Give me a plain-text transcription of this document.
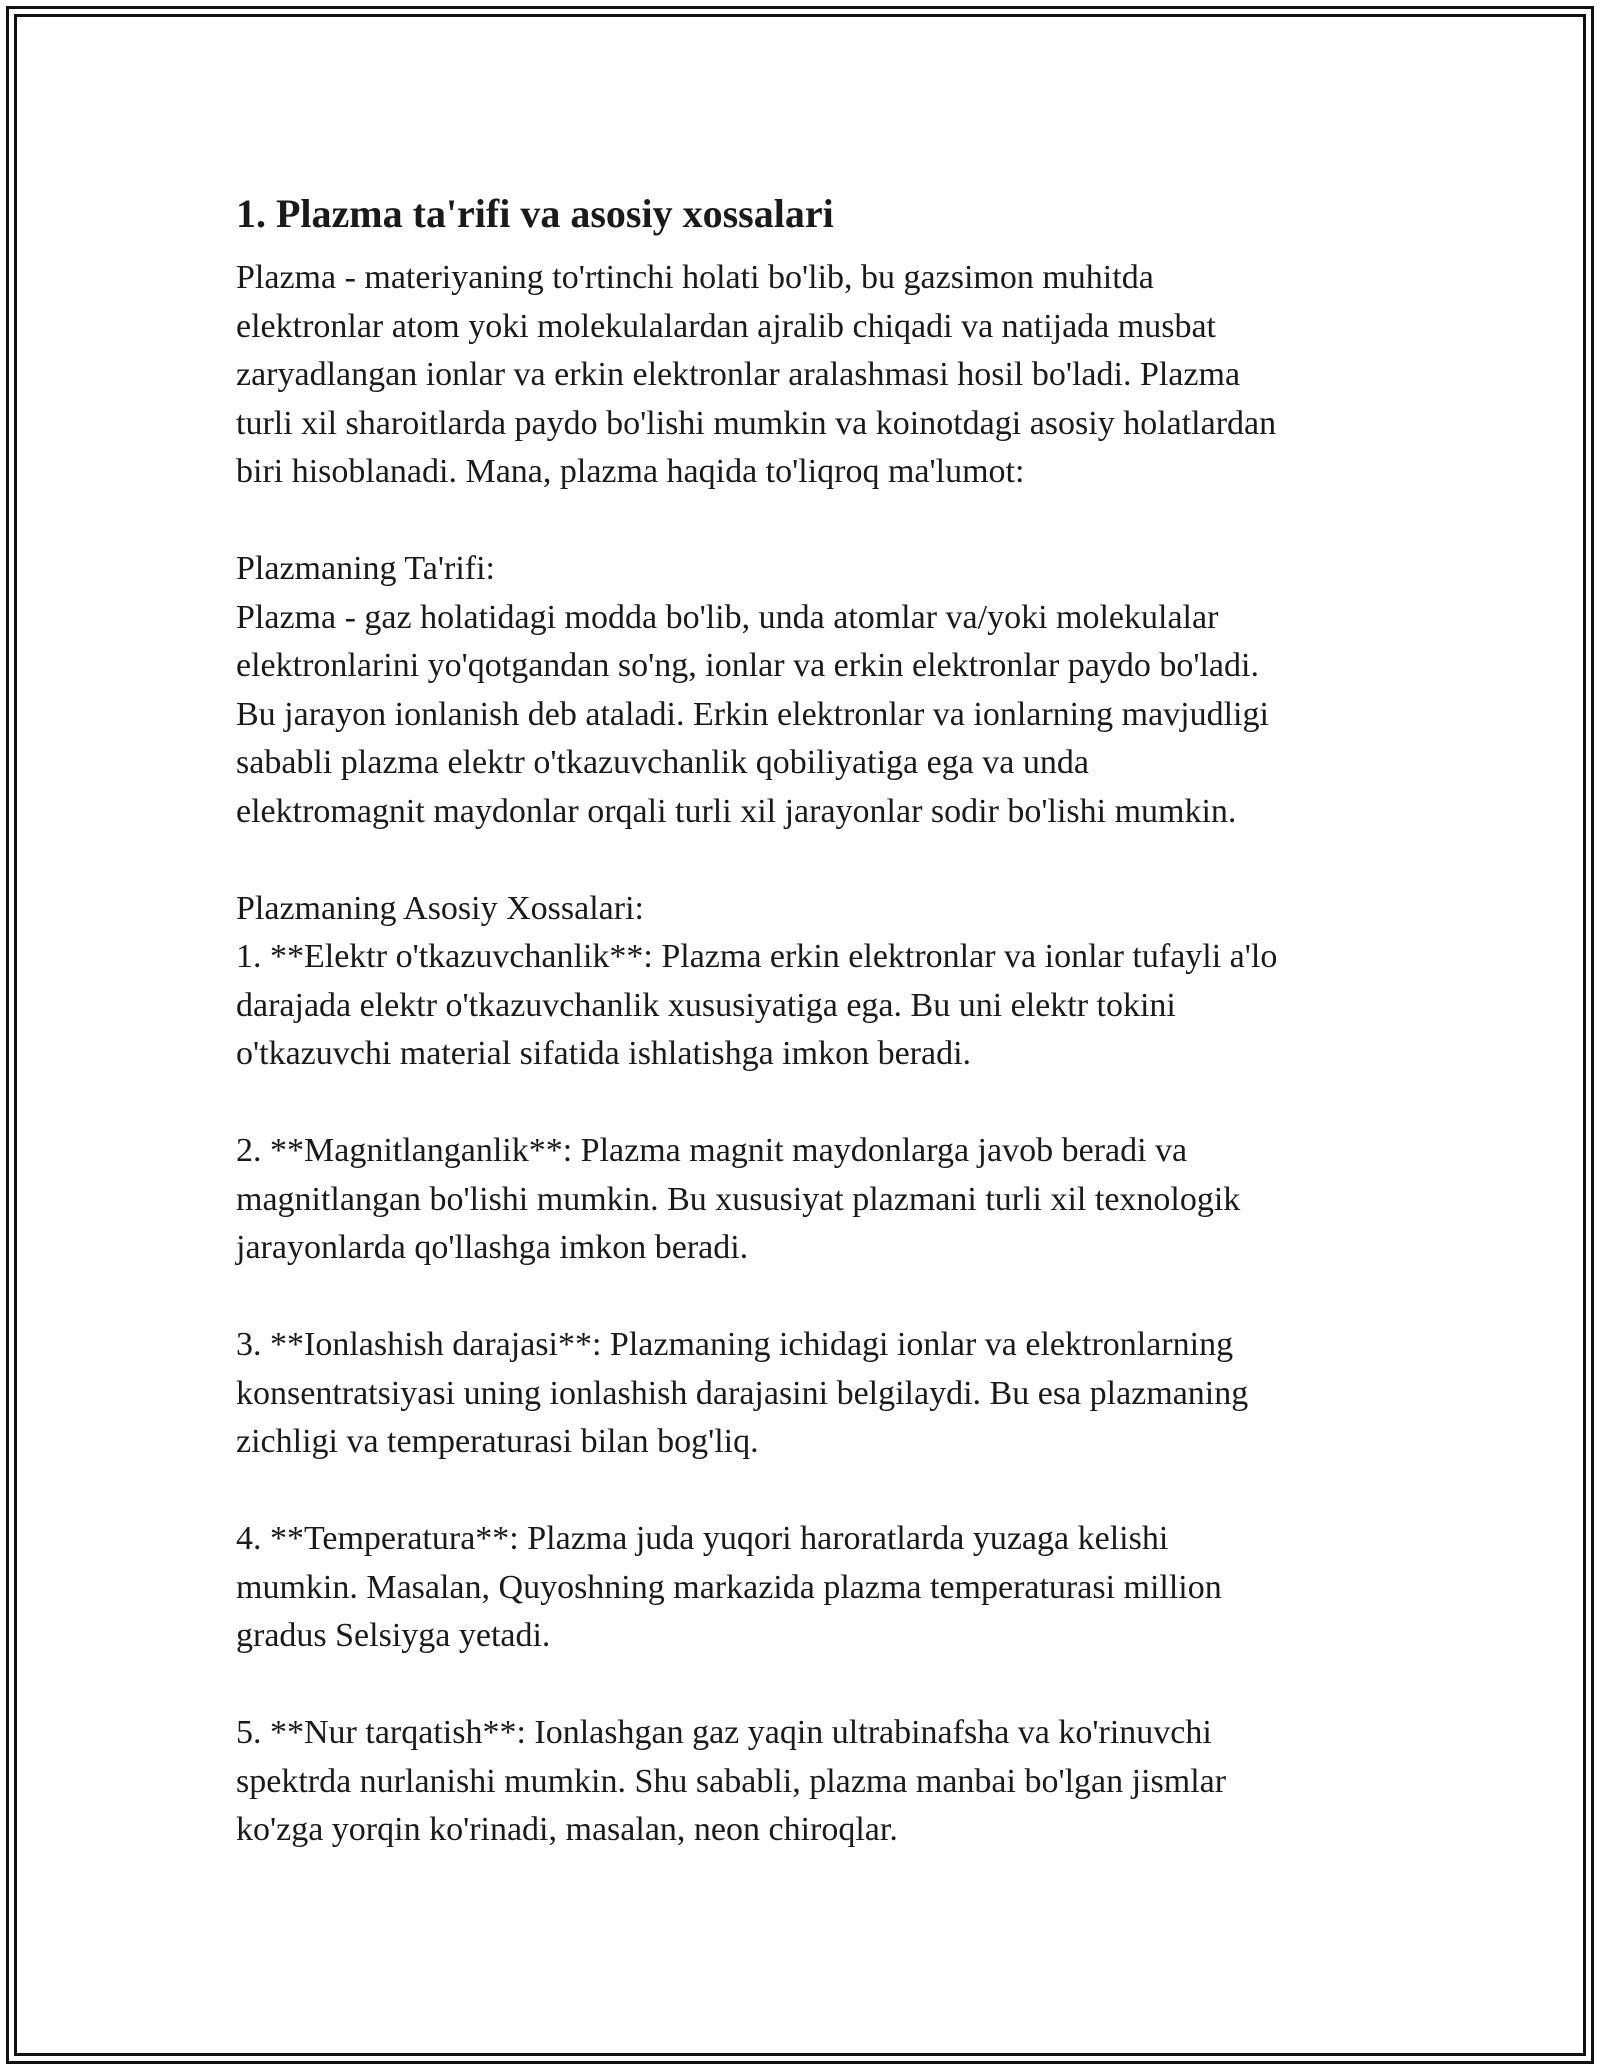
1. Plazma ta'rifi va asosiy xossalari

Plazma - materiyaning to'rtinchi holati bo'lib, bu gazsimon muhitda
elektronlar atom yoki molekulalardan ajralib chiqadi va natijada musbat
zaryadlangan ionlar va erkin elektronlar aralashmasi hosil bo'ladi. Plazma
turli xil sharoitlarda paydo bo'lishi mumkin va koinotdagi asosiy holatlardan
biri hisoblanadi. Mana, plazma haqida to'liqroq ma'lumot:

Plazmaning Ta'rifi:
Plazma - gaz holatidagi modda bo'lib, unda atomlar va/yoki molekulalar
elektronlarini yo'qotgandan so'ng, ionlar va erkin elektronlar paydo bo'ladi.
Bu jarayon ionlanish deb ataladi. Erkin elektronlar va ionlarning mavjudligi
sababli plazma elektr o'tkazuvchanlik qobiliyatiga ega va unda
elektromagnit maydonlar orqali turli xil jarayonlar sodir bo'lishi mumkin.

Plazmaning Asosiy Xossalari:
1. **Elektr o'tkazuvchanlik**: Plazma erkin elektronlar va ionlar tufayli a'lo
darajada elektr o'tkazuvchanlik xususiyatiga ega. Bu uni elektr tokini
o'tkazuvchi material sifatida ishlatishga imkon beradi.

2. **Magnitlanganlik**: Plazma magnit maydonlarga javob beradi va
magnitlangan bo'lishi mumkin. Bu xususiyat plazmani turli xil texnologik
jarayonlarda qo'llashga imkon beradi.

3. **Ionlashish darajasi**: Plazmaning ichidagi ionlar va elektronlarning
konsentratsiyasi uning ionlashish darajasini belgilaydi. Bu esa plazmaning
zichligi va temperaturasi bilan bog'liq.

4. **Temperatura**: Plazma juda yuqori haroratlarda yuzaga kelishi
mumkin. Masalan, Quyoshning markazida plazma temperaturasi million
gradus Selsiyga yetadi.

5. **Nur tarqatish**: Ionlashgan gaz yaqin ultrabinafsha va ko'rinuvchi
spektrda nurlanishi mumkin. Shu sababli, plazma manbai bo'lgan jismlar
ko'zga yorqin ko'rinadi, masalan, neon chiroqlar.
